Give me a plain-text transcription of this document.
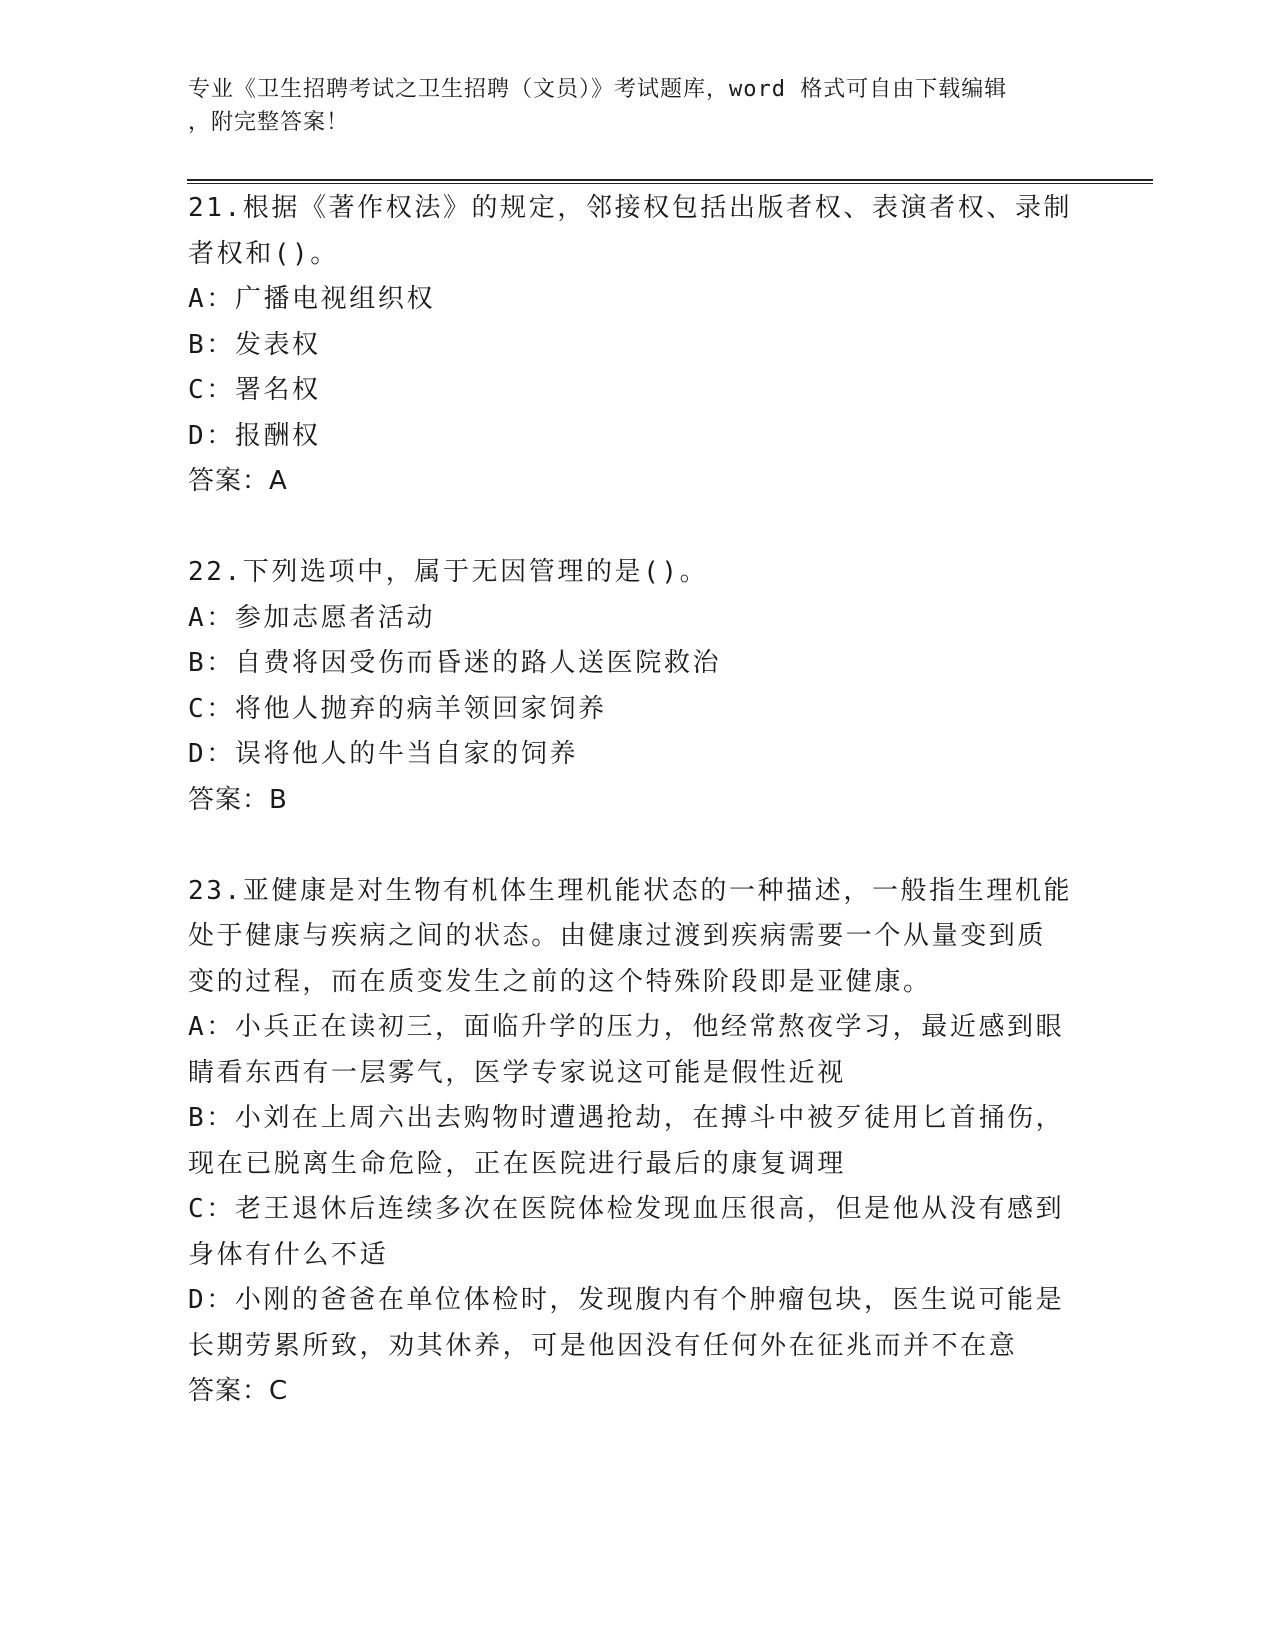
专业《卫生招聘考试之卫生招聘（文员）》考试题库，word 格式可自由下载编辑
，附完整答案！
21.根据《著作权法》的规定，邻接权包括出版者权、表演者权、录制
者权和()。
A：广播电视组织权
B：发表权
C：署名权
D：报酬权
答案：A
22.下列选项中，属于无因管理的是()。
A：参加志愿者活动
B：自费将因受伤而昏迷的路人送医院救治
C：将他人抛弃的病羊领回家饲养
D：误将他人的牛当自家的饲养
答案：B
23.亚健康是对生物有机体生理机能状态的一种描述，一般指生理机能
处于健康与疾病之间的状态。由健康过渡到疾病需要一个从量变到质
变的过程，而在质变发生之前的这个特殊阶段即是亚健康。
A：小兵正在读初三，面临升学的压力，他经常熬夜学习，最近感到眼
睛看东西有一层雾气，医学专家说这可能是假性近视
B：小刘在上周六出去购物时遭遇抢劫，在搏斗中被歹徒用匕首捅伤，
现在已脱离生命危险，正在医院进行最后的康复调理
C：老王退休后连续多次在医院体检发现血压很高，但是他从没有感到
身体有什么不适
D：小刚的爸爸在单位体检时，发现腹内有个肿瘤包块，医生说可能是
长期劳累所致，劝其休养，可是他因没有任何外在征兆而并不在意
答案：C
